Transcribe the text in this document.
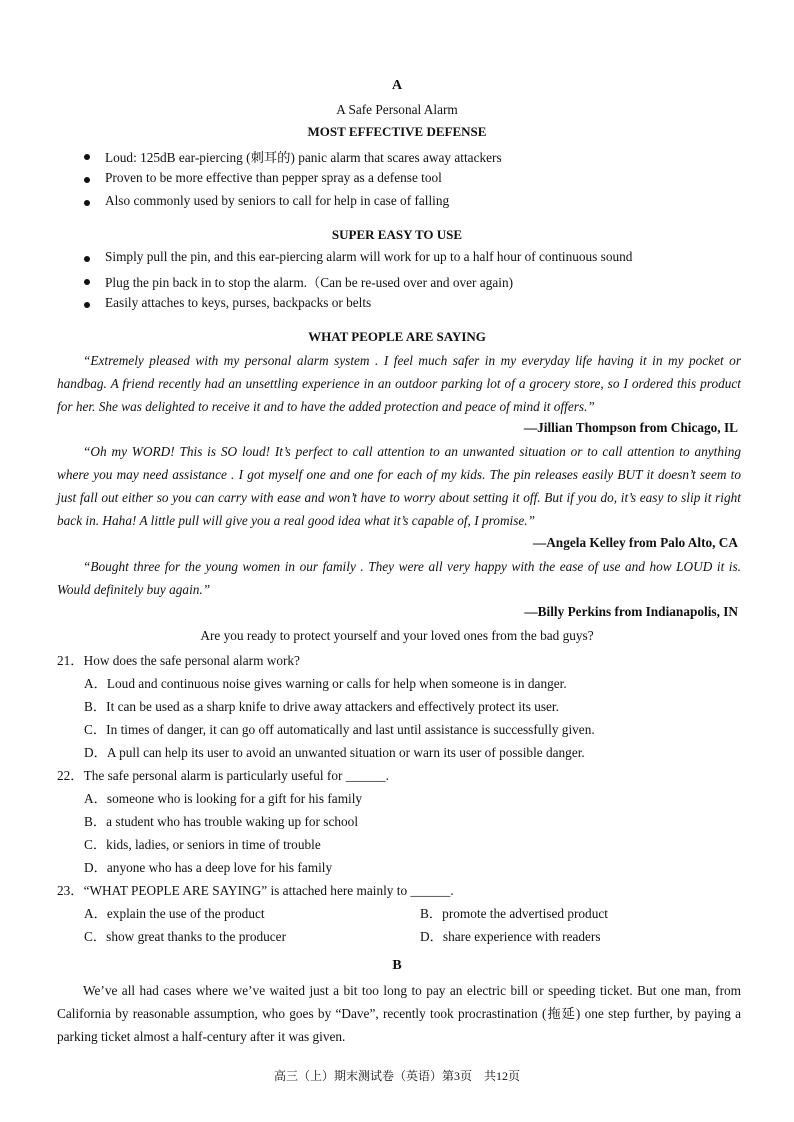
A
A Safe Personal Alarm
MOST EFFECTIVE DEFENSE
Loud: 125dB ear-piercing (刺耳的) panic alarm that scares away attackers
Proven to be more effective than pepper spray as a defense tool
Also commonly used by seniors to call for help in case of falling
SUPER EASY TO USE
Simply pull the pin, and this ear-piercing alarm will work for up to a half hour of continuous sound
Plug the pin back in to stop the alarm.（Can be re-used over and over again)
Easily attaches to keys, purses, backpacks or belts
WHAT PEOPLE ARE SAYING
“Extremely pleased with my personal alarm system . I feel much safer in my everyday life having it in my pocket or handbag. A friend recently had an unsettling experience in an outdoor parking lot of a grocery store, so I ordered this product for her. She was delighted to receive it and to have the added protection and peace of mind it offers.”
—Jillian Thompson from Chicago, IL
“Oh my WORD! This is SO loud! It’s perfect to call attention to an unwanted situation or to call attention to anything where you may need assistance . I got myself one and one for each of my kids. The pin releases easily BUT it doesn’t seem to just fall out either so you can carry with ease and won’t have to worry about setting it off. But if you do, it’s easy to slip it right back in. Haha! A little pull will give you a real good idea what it’s capable of, I promise.”
—Angela Kelley from Palo Alto, CA
“Bought three for the young women in our family . They were all very happy with the ease of use and how LOUD it is. Would definitely buy again.”
—Billy Perkins from Indianapolis, IN
Are you ready to protect yourself and your loved ones from the bad guys?
21．How does the safe personal alarm work?
A．Loud and continuous noise gives warning or calls for help when someone is in danger.
B．It can be used as a sharp knife to drive away attackers and effectively protect its user.
C．In times of danger, it can go off automatically and last until assistance is successfully given.
D．A pull can help its user to avoid an unwanted situation or warn its user of possible danger.
22．The safe personal alarm is particularly useful for ______.
A．someone who is looking for a gift for his family
B．a student who has trouble waking up for school
C．kids, ladies, or seniors in time of trouble
D．anyone who has a deep love for his family
23．“WHAT PEOPLE ARE SAYING” is attached here mainly to ______.
A．explain the use of the product	B．promote the advertised product
C．show great thanks to the producer	D．share experience with readers
B
We’ve all had cases where we’ve waited just a bit too long to pay an electric bill or speeding ticket. But one man, from California by reasonable assumption, who goes by “Dave”, recently took procrastination (拖延) one step further, by paying a parking ticket almost a half-century after it was given.
高三（上）期末测试卷（英语）第3页　共12页
